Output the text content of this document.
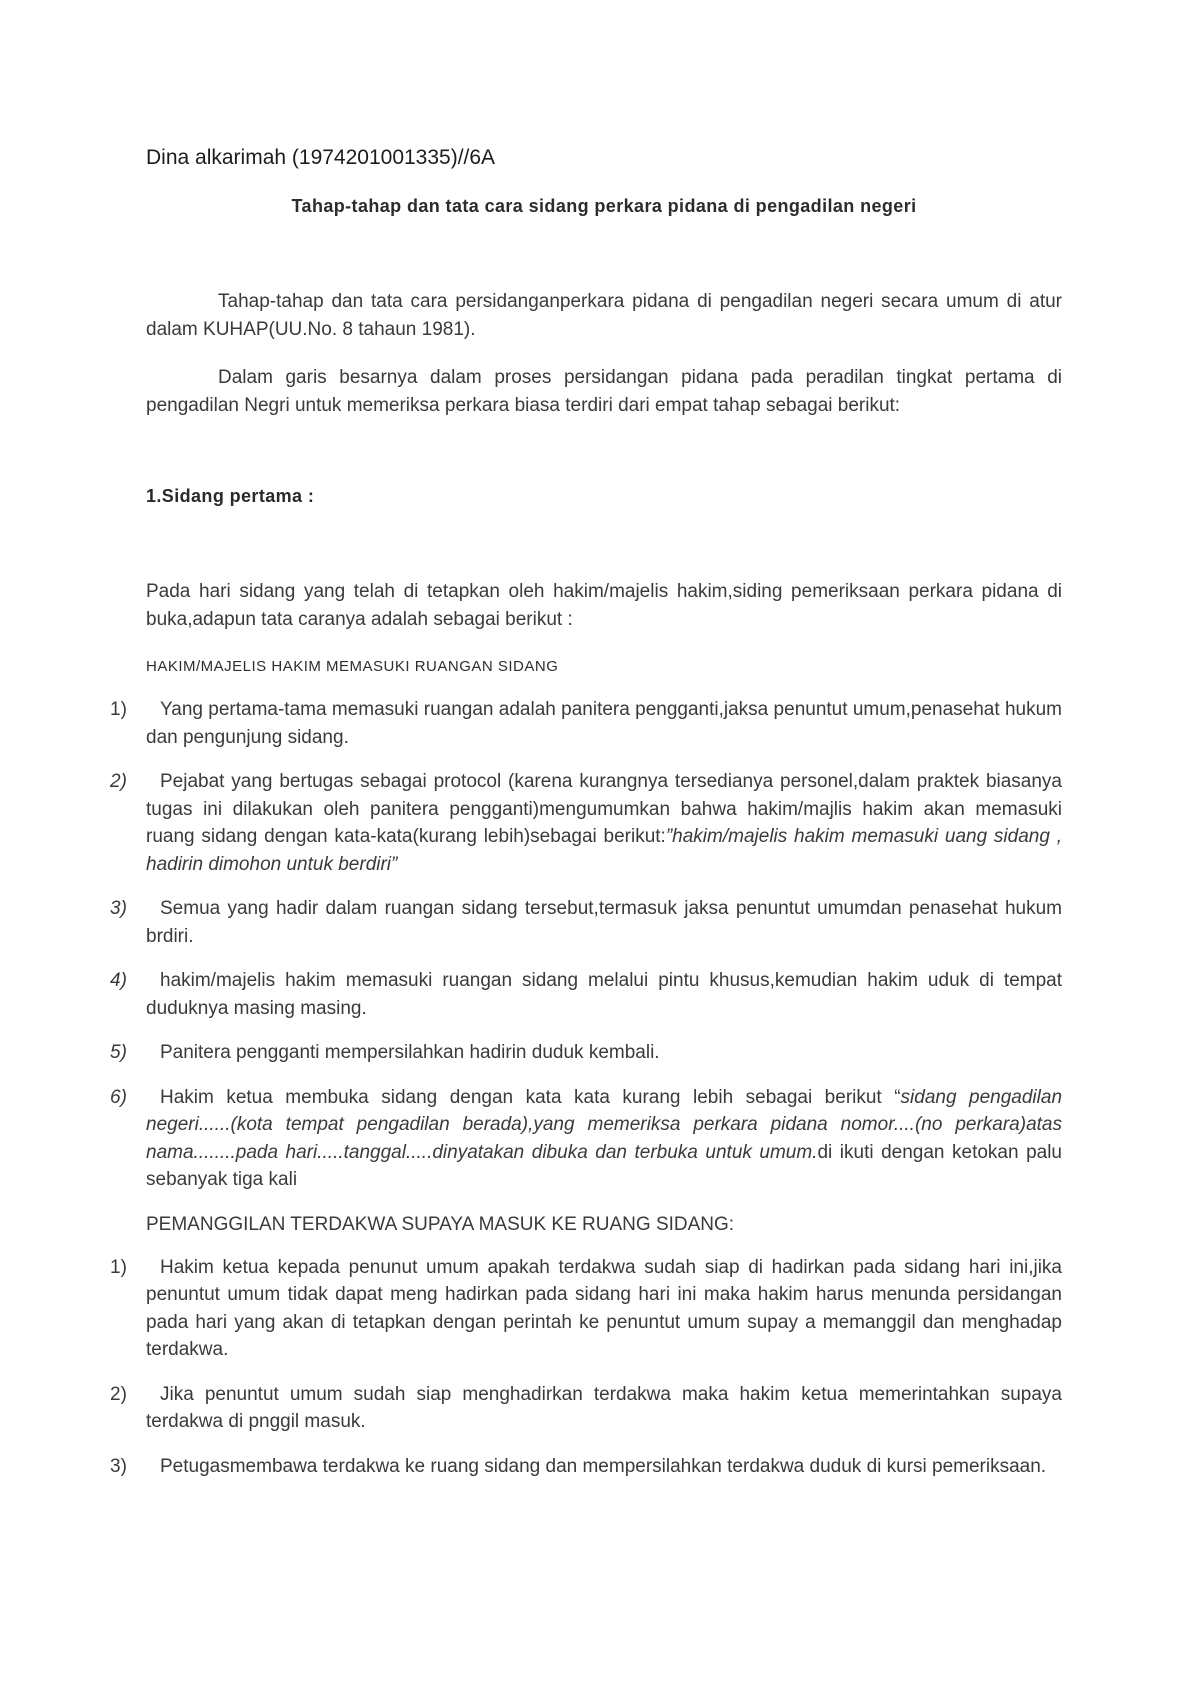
Dina alkarimah (1974201001335)//6A
Tahap-tahap dan tata cara sidang perkara pidana di pengadilan negeri

Tahap-tahap dan tata cara persidanganperkara pidana di pengadilan negeri secara umum di atur dalam KUHAP(UU.No. 8 tahaun 1981).

Dalam garis besarnya dalam proses persidangan pidana pada peradilan tingkat pertama di pengadilan Negri untuk memeriksa perkara biasa terdiri dari empat tahap sebagai berikut:

1.Sidang pertama :

Pada hari sidang yang telah di tetapkan oleh hakim/majelis hakim,siding pemeriksaan perkara pidana di buka,adapun tata caranya adalah sebagai berikut :

HAKIM/MAJELIS HAKIM MEMASUKI RUANGAN SIDANG
1)	Yang pertama-tama memasuki ruangan adalah panitera pengganti,jaksa penuntut umum,penasehat hukum dan pengunjung sidang.
2)	Pejabat yang bertugas sebagai protocol (karena kurangnya tersedianya personel,dalam praktek biasanya tugas ini dilakukan oleh panitera pengganti)mengumumkan bahwa hakim/majlis hakim akan memasuki ruang sidang dengan kata-kata(kurang lebih)sebagai berikut:”hakim/majelis hakim memasuki uang sidang , hadirin dimohon untuk berdiri”
3)	Semua yang hadir dalam ruangan sidang tersebut,termasuk jaksa penuntut umumdan penasehat hukum brdiri.
4)	hakim/majelis hakim memasuki ruangan sidang melalui pintu khusus,kemudian hakim uduk di tempat duduknya masing masing.
5)	Panitera pengganti mempersilahkan hadirin duduk kembali.
6)	Hakim ketua membuka sidang dengan kata kata kurang lebih sebagai berikut “sidang pengadilan negeri......(kota tempat pengadilan berada),yang memeriksa perkara pidana nomor....(no perkara)atas nama........pada hari.....tanggal.....dinyatakan dibuka dan terbuka untuk umum.di ikuti dengan ketokan palu sebanyak tiga kali
PEMANGGILAN TERDAKWA SUPAYA MASUK KE RUANG SIDANG:
1)	Hakim ketua kepada penunut umum apakah terdakwa sudah siap di hadirkan pada sidang hari ini,jika penuntut umum tidak dapat meng hadirkan pada sidang hari ini maka hakim harus menunda persidangan pada hari yang akan di tetapkan dengan perintah ke penuntut umum supay a memanggil dan menghadap terdakwa.
2)	Jika penuntut umum sudah siap menghadirkan terdakwa maka hakim ketua memerintahkan supaya terdakwa di pnggil masuk.
3)	Petugasmembawa terdakwa ke ruang sidang dan mempersilahkan terdakwa duduk di kursi pemeriksaan.
